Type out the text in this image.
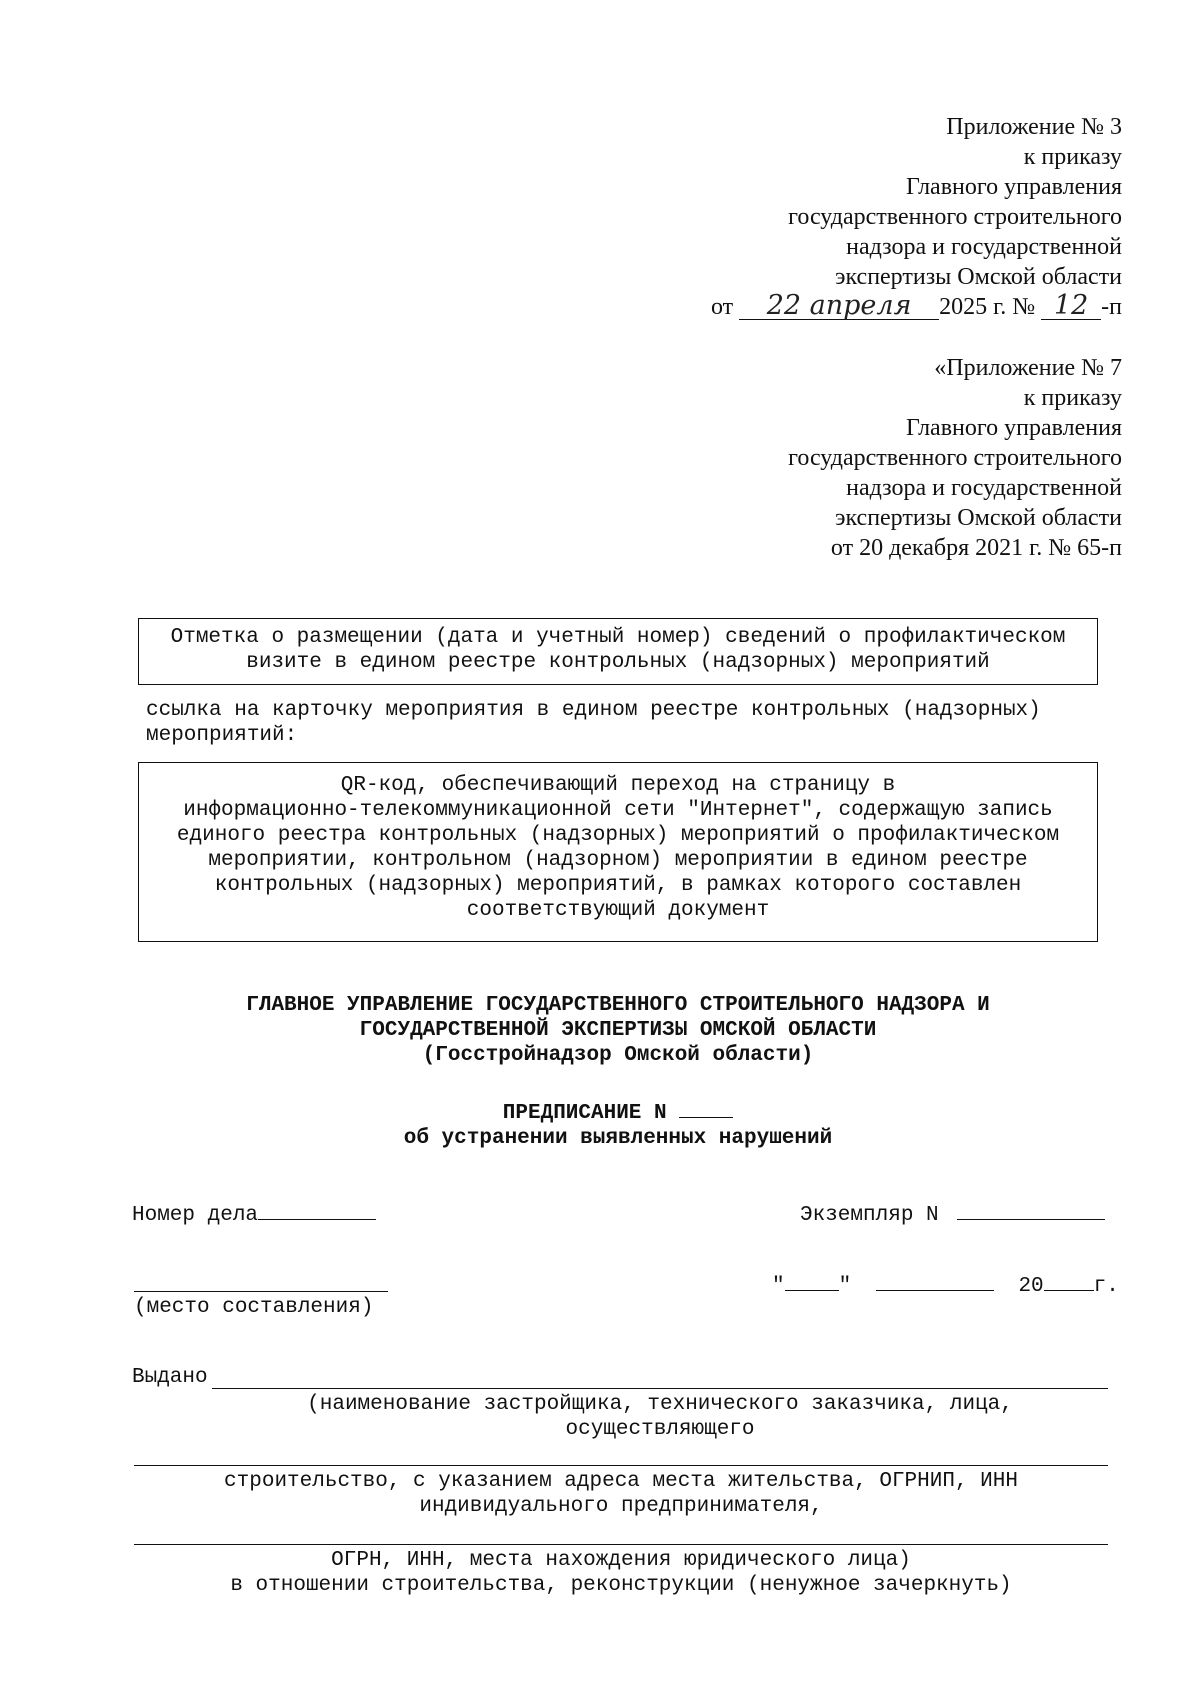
Приложение № 3
к приказу
Главного управления
государственного строительного
надзора и государственной
экспертизы Омской области
от 22 апреля 2025 г. № 12 -п
«Приложение № 7
к приказу
Главного управления
государственного строительного
надзора и государственной
экспертизы Омской области
от 20 декабря 2021 г. № 65-п
Отметка о размещении (дата и учетный номер) сведений о профилактическом
визите в едином реестре контрольных (надзорных) мероприятий
ссылка на карточку мероприятия в едином реестре контрольных (надзорных)
мероприятий:
QR-код, обеспечивающий переход на страницу в
информационно-телекоммуникационной сети "Интернет", содержащую запись
единого реестра контрольных (надзорных) мероприятий о профилактическом
мероприятии, контрольном (надзорном) мероприятии в едином реестре
контрольных (надзорных) мероприятий, в рамках которого составлен
соответствующий документ
ГЛАВНОЕ УПРАВЛЕНИЕ ГОСУДАРСТВЕННОГО СТРОИТЕЛЬНОГО НАДЗОРА И
ГОСУДАРСТВЕННОЙ ЭКСПЕРТИЗЫ ОМСКОЙ ОБЛАСТИ
(Госстройнадзор Омской области)
ПРЕДПИСАНИЕ N
об устранении выявленных нарушений
Номер дела	Экземпляр N
"	"	20 г.
(место составления)
Выдано
(наименование застройщика, технического заказчика, лица,
осуществляющего
строительство, с указанием адреса места жительства, ОГРНИП, ИНН
индивидуального предпринимателя,
ОГРН, ИНН, места нахождения юридического лица)
в отношении строительства, реконструкции (ненужное зачеркнуть)
